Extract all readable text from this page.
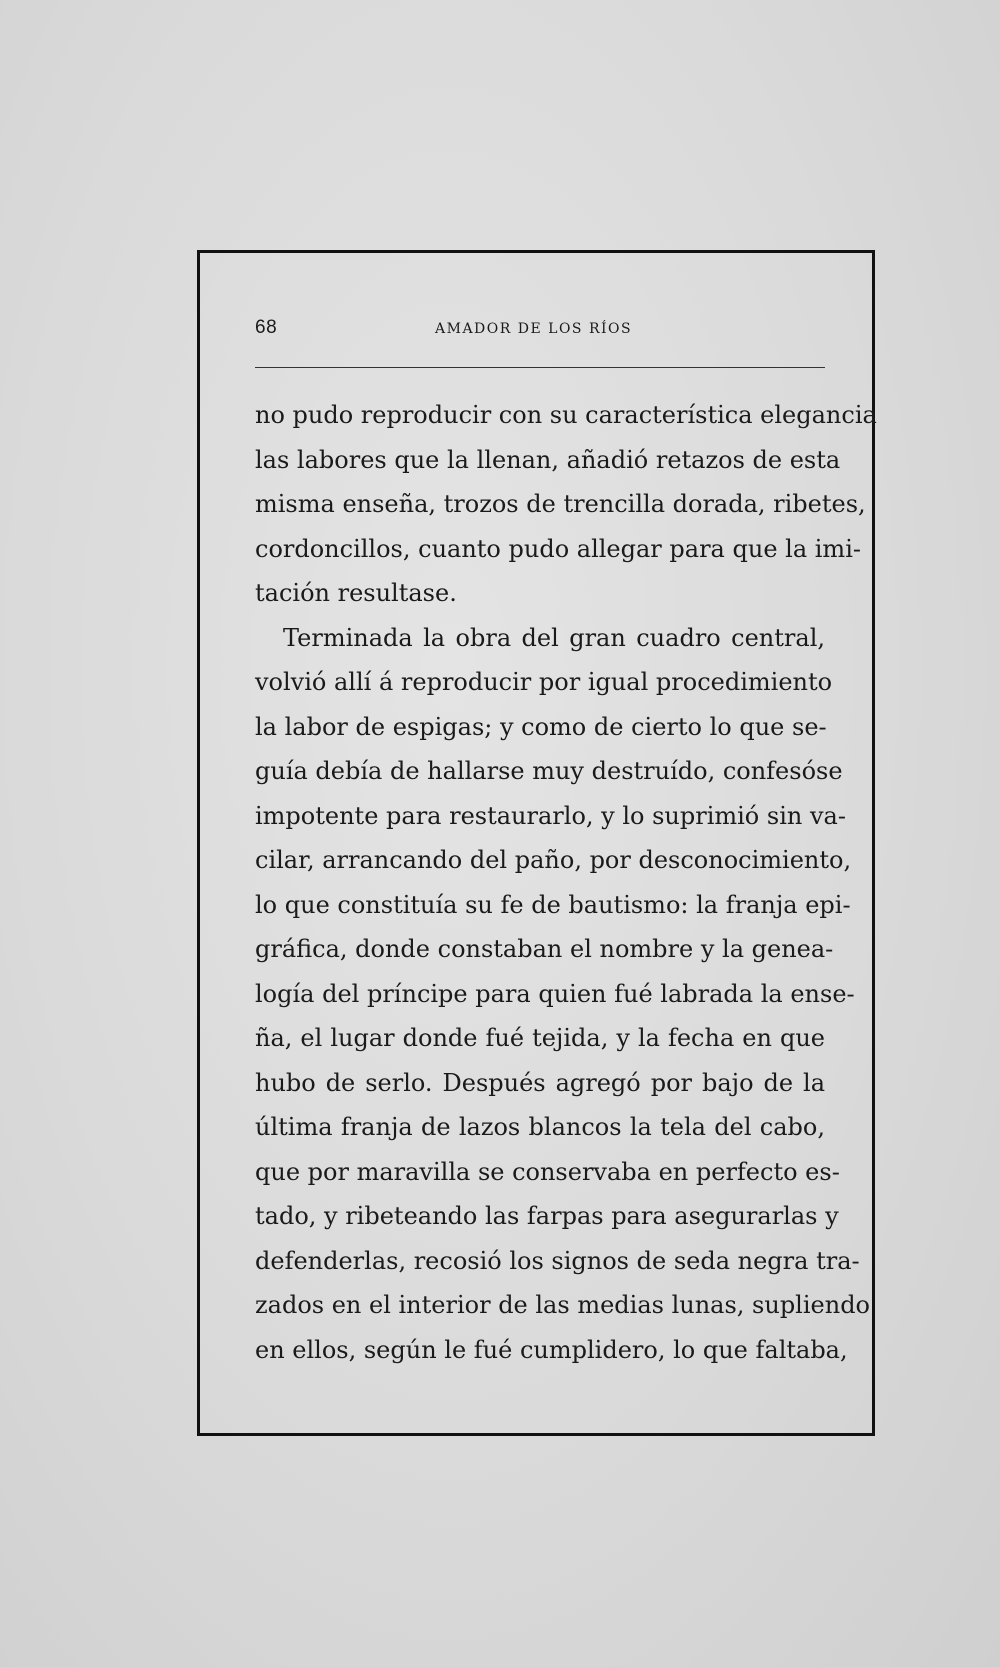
68	AMADOR DE LOS RÍOS
no pudo reproducir con su característica elegancia
las labores que la llenan, añadió retazos de esta
misma enseña, trozos de trencilla dorada, ribetes,
cordoncillos, cuanto pudo allegar para que la imi-
tación resultase.
Terminada la obra del gran cuadro central,
volvió allí á reproducir por igual procedimiento
la labor de espigas; y como de cierto lo que se-
guía debía de hallarse muy destruído, confesóse
impotente para restaurarlo, y lo suprimió sin va-
cilar, arrancando del paño, por desconocimiento,
lo que constituía su fe de bautismo: la franja epi-
gráfica, donde constaban el nombre y la genea-
logía del príncipe para quien fué labrada la ense-
ña, el lugar donde fué tejida, y la fecha en que
hubo de serlo. Después agregó por bajo de la
última franja de lazos blancos la tela del cabo,
que por maravilla se conservaba en perfecto es-
tado, y ribeteando las farpas para asegurarlas y
defenderlas, recosió los signos de seda negra tra-
zados en el interior de las medias lunas, supliendo
en ellos, según le fué cumplidero, lo que faltaba,
